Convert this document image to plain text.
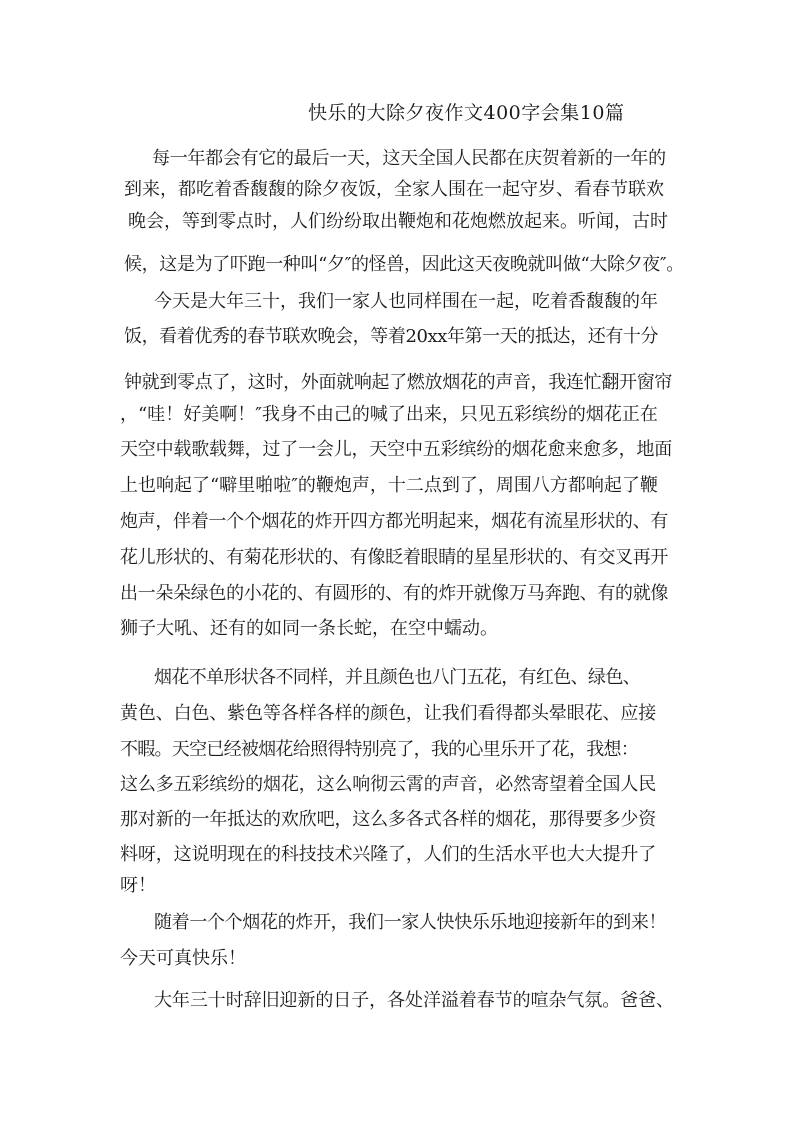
快乐的大除夕夜作文400字会集10篇
每一年都会有它的最后一天，这天全国人民都在庆贺着新的一年的
到来，都吃着香馥馥的除夕夜饭，全家人围在一起守岁、看春节联欢
晚会，等到零点时，人们纷纷取出鞭炮和花炮燃放起来。听闻，古时
候，这是为了吓跑一种叫“夕″的怪兽，因此这天夜晚就叫做“大除夕夜″。
今天是大年三十，我们一家人也同样围在一起，吃着香馥馥的年
饭，看着优秀的春节联欢晚会，等着20xx年第一天的抵达，还有十分
钟就到零点了，这时，外面就响起了燃放烟花的声音，我连忙翻开窗帘
，“哇！好美啊！″我身不由己的喊了出来，只见五彩缤纷的烟花正在
天空中载歌载舞，过了一会儿，天空中五彩缤纷的烟花愈来愈多，地面
上也响起了“噼里啪啦″的鞭炮声，十二点到了，周围八方都响起了鞭
炮声，伴着一个个烟花的炸开四方都光明起来，烟花有流星形状的、有
花儿形状的、有菊花形状的、有像眨着眼睛的星星形状的、有交叉再开
出一朵朵绿色的小花的、有圆形的、有的炸开就像万马奔跑、有的就像
狮子大吼、还有的如同一条长蛇，在空中蠕动。
烟花不单形状各不同样，并且颜色也八门五花，有红色、绿色、
黄色、白色、紫色等各样各样的颜色，让我们看得都头晕眼花、应接
不暇。天空已经被烟花给照得特别亮了，我的心里乐开了花，我想：
这么多五彩缤纷的烟花，这么响彻云霄的声音，必然寄望着全国人民
那对新的一年抵达的欢欣吧，这么多各式各样的烟花，那得要多少资
料呀，这说明现在的科技技术兴隆了，人们的生活水平也大大提升了
呀！
随着一个个烟花的炸开，我们一家人快快乐乐地迎接新年的到来！
今天可真快乐！
大年三十时辞旧迎新的日子，各处洋溢着春节的喧杂气氛。爸爸、
